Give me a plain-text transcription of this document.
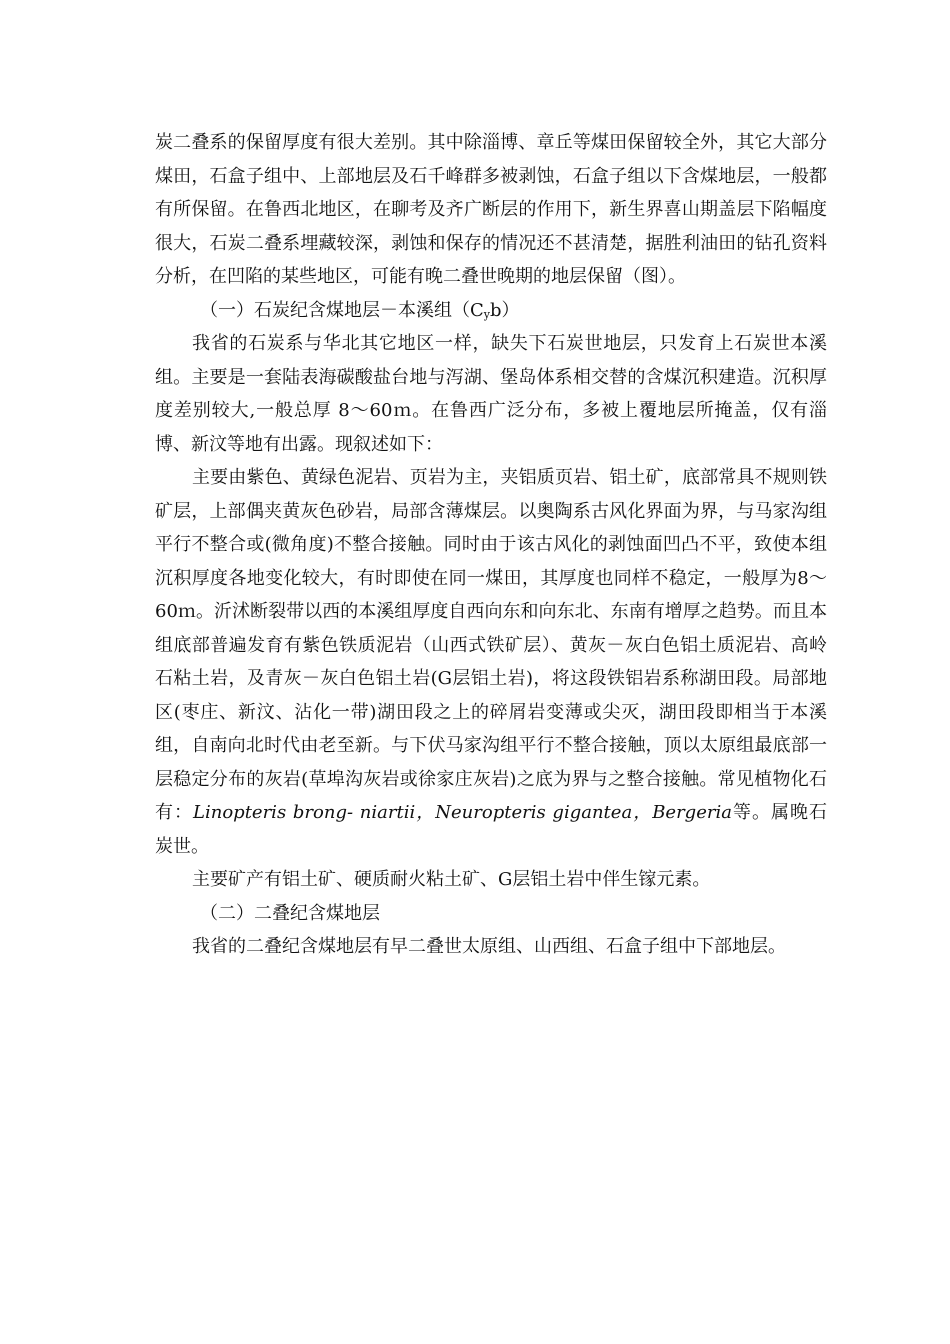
炭二叠系的保留厚度有很大差别。其中除淄博、章丘等煤田保留较全外，其它大部分煤田，石盒子组中、上部地层及石千峰群多被剥蚀，石盒子组以下含煤地层，一般都有所保留。在鲁西北地区，在聊考及齐广断层的作用下，新生界喜山期盖层下陷幅度很大，石炭二叠系埋藏较深，剥蚀和保存的情况还不甚清楚，据胜利油田的钻孔资料分析，在凹陷的某些地区，可能有晚二叠世晚期的地层保留（图）。

（一）石炭纪含煤地层－本溪组$(C_yb)$

我省的石炭系与华北其它地区一样，缺失下石炭世地层，只发育上石炭世本溪组。主要是一套陆表海碳酸盐台地与泻湖、堡岛体系相交替的含煤沉积建造。沉积厚度差别较大,一般总厚 8～60ｍ。在鲁西广泛分布，多被上覆地层所掩盖，仅有淄博、新汶等地有出露。现叙述如下：

主要由紫色、黄绿色泥岩、页岩为主，夹铝质页岩、铝土矿，底部常具不规则铁矿层，上部偶夹黄灰色砂岩，局部含薄煤层。以奥陶系古风化界面为界，与马家沟组平行不整合或(微角度)不整合接触。同时由于该古风化的剥蚀面凹凸不平，致使本组沉积厚度各地变化较大，有时即使在同一煤田，其厚度也同样不稳定，一般厚为8～60ｍ。沂沭断裂带以西的本溪组厚度自西向东和向东北、东南有增厚之趋势。而且本组底部普遍发育有紫色铁质泥岩（山西式铁矿层）、黄灰－灰白色铝土质泥岩、高岭石粘土岩，及青灰－灰白色铝土岩(G层铝土岩)，将这段铁铝岩系称湖田段。局部地区(枣庄、新汶、沾化一带)湖田段之上的碎屑岩变薄或尖灭，湖田段即相当于本溪组，自南向北时代由老至新。与下伏马家沟组平行不整合接触，顶以太原组最底部一层稳定分布的灰岩(草埠沟灰岩或徐家庄灰岩)之底为界与之整合接触。常见植物化石有：Linopteris brong- niartii，Neuropteris gigantea，Bergeria等。属晚石炭世。

主要矿产有铝土矿、硬质耐火粘土矿、G层铝土岩中伴生镓元素。

（二）二叠纪含煤地层

我省的二叠纪含煤地层有早二叠世太原组、山西组、石盒子组中下部地层。
